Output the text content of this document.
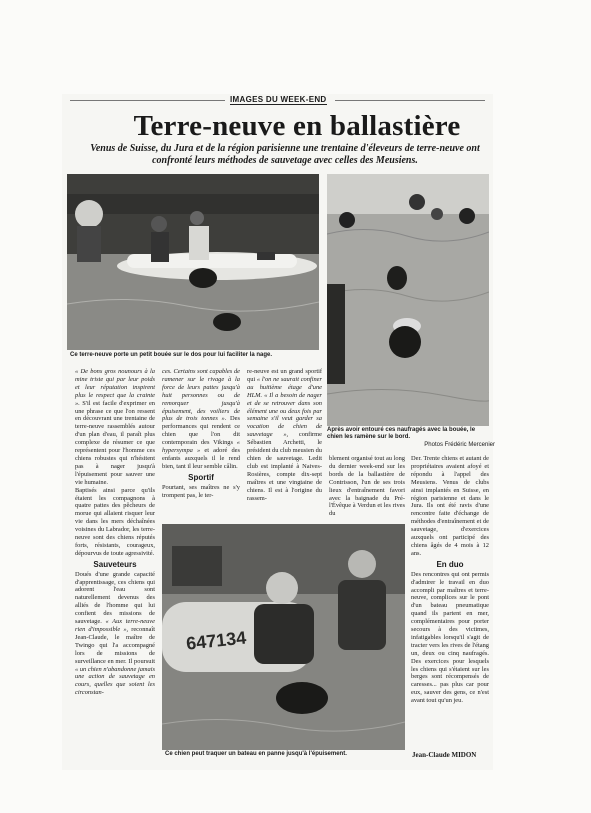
IMAGES DU WEEK-END
Terre-neuve en ballastière
Venus de Suisse, du Jura et de la région parisienne une trentaine d'éleveurs de terre-neuve ont confronté leurs méthodes de sauvetage avec celles des Meusiens.
Ce terre-neuve porte un petit bouée sur le dos pour lui faciliter la nage.
Après avoir entouré ces naufragés avec la bouée, le chien les ramène sur le bord.
Photos Frédéric Mercenier

« De bons gros nounours à la mine triste qui par leur poids et leur réputation inspirent plus le respect que la crainte ». S'il est facile d'exprimer en une phrase ce que l'on ressent en découvrant une trentaine de terre-neuve rassemblés autour d'un plan d'eau, il paraît plus complexe de résumer ce que représentent pour l'homme ces chiens robustes qui n'hésitent pas à nager jusqu'à l'épuisement pour sauver une vie humaine.

Baptisés ainsi parce qu'ils étaient les compagnons à quatre pattes des pêcheurs de morue qui allaient risquer leur vie dans les mers déchaînées voisines du Labrador, les terre-neuve sont des chiens réputés forts, résistants, courageux, dépourvus de toute agressivité.

Sauveteurs

Doués d'une grande capacité d'apprentissage, ces chiens qui adorent l'eau sont naturellement devenus des alliés de l'homme qui lui confient des missions de sauvetage. « Aux terre-neuve rien d'impossible », reconnaît Jean-Claude, le maître de Twingo qui l'a accompagné lors de missions de surveillance en mer. Il poursuit « un chien n'abandonne jamais une action de sauvetage en cours, quelles que soient les circonstan-

ces. Certains sont capables de ramener sur le rivage à la force de leurs pattes jusqu'à huit personnes ou de remorquer jusqu'à épuisement, des voiliers de plus de trois tonnes ». Des performances qui rendent ce chien que l'on dit contemporain des Vikings « hypersympa » et adoré des enfants auxquels il le rend bien, tant il leur semble câlin.

Sportif

Pourtant, ses maîtres ne s'y trompent pas, le ter-

re-neuve est un grand sportif qui « l'on ne saurait confiner au huitième étage d'une HLM. « Il a besoin de nager et de se retrouver dans son élément une ou deux fois par semaine s'il veut garder sa vocation de chien de sauvetage », confirme Sébastien Archetti, le président du club meusien du chien de sauvetage. Ledit club est implanté à Naives-Rosières, compte dix-sept maîtres et une vingtaine de chiens. Il est à l'origine du rassem-

blement organisé tout au long du dernier week-end sur les bords de la ballastière de Contrisson, l'un de ses trois lieux d'entraînement favori avec la baignade du Pré-l'Évêque à Verdun et les rives du

Der. Trente chiens et autant de propriétaires avaient afoyé et répondu à l'appel des Meusiens. Venus de clubs ainsi implantés en Suisse, en région parisienne et dans le Jura. Ils ont été ravis d'une rencontre faite d'échange de méthodes d'entraînement et de sauvetage, d'exercices auxquels ont participé des chiens âgés de 4 mois à 12 ans.

En duo

Des rencontres qui ont permis d'admirer le travail en duo accompli par maîtres et terre-neuve, complices sur le pont d'un bateau pneumatique quand ils partent en mer, complémentaires pour porter secours à des victimes, infatigables lorsqu'il s'agit de tracter vers les rives de l'étang un, deux ou cinq naufragés. Des exercices pour lesquels les chiens qui s'étaient sur les berges sont récompensés de caresses... pas plus car pour eux, sauver des gens, ce n'est avant tout qu'un jeu.

647134
Ce chien peut traquer un bateau en panne jusqu'à l'épuisement.	Jean-Claude MIDON
